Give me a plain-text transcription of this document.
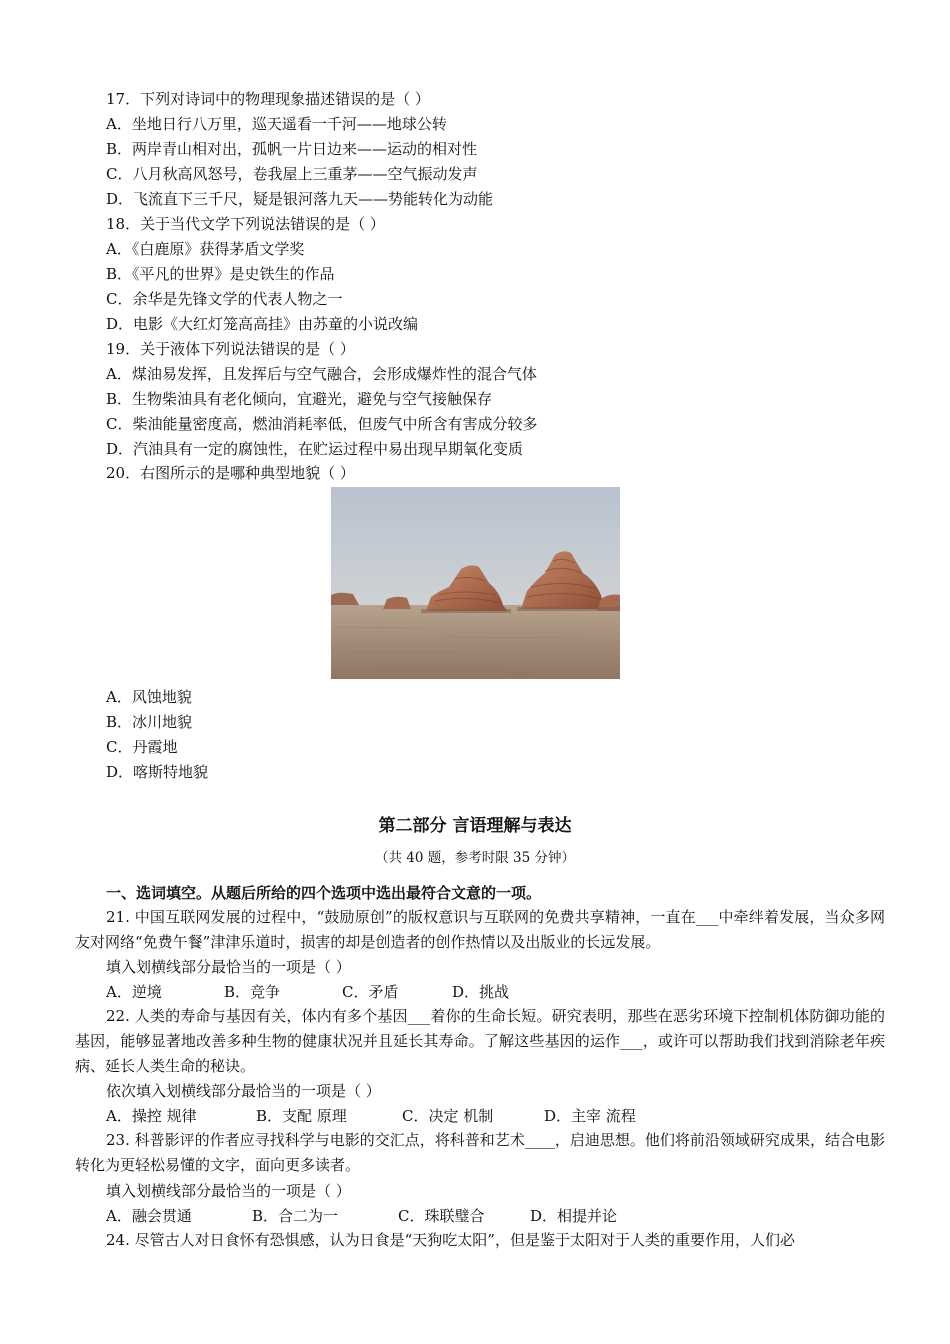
17．下列对诗词中的物理现象描述错误的是（ ）
A．坐地日行八万里，巡天遥看一千河——地球公转
B．两岸青山相对出，孤帆一片日边来——运动的相对性
C．八月秋高风怒号，卷我屋上三重茅——空气振动发声
D．飞流直下三千尺，疑是银河落九天——势能转化为动能
18．关于当代文学下列说法错误的是（ ）
A．《白鹿原》获得茅盾文学奖
B．《平凡的世界》是史铁生的作品
C．余华是先锋文学的代表人物之一
D．电影《大红灯笼高高挂》由苏童的小说改编
19．关于液体下列说法错误的是（ ）
A．煤油易发挥，且发挥后与空气融合，会形成爆炸性的混合气体
B．生物柴油具有老化倾向，宜避光，避免与空气接触保存
C．柴油能量密度高，燃油消耗率低，但废气中所含有害成分较多
D．汽油具有一定的腐蚀性，在贮运过程中易出现早期氧化变质
20．右图所示的是哪种典型地貌（ ）
A．风蚀地貌
B．冰川地貌
C．丹霞地
D．喀斯特地貌
第二部分 言语理解与表达
（共 40 题，参考时限 35 分钟）
一、选词填空。从题后所给的四个选项中选出最符合文意的一项。
21. 中国互联网发展的过程中，“鼓励原创”的版权意识与互联网的免费共享精神，一直在___中牵绊着发展，当众多网友对网络“免费午餐”津津乐道时，损害的却是创造者的创作热情以及出版业的长远发展。
填入划横线部分最恰当的一项是（ ）
A．逆境	B．竞争	C．矛盾	D．挑战
22. 人类的寿命与基因有关，体内有多个基因___着你的生命长短。研究表明，那些在恶劣环境下控制机体防御功能的基因，能够显著地改善多种生物的健康状况并且延长其寿命。了解这些基因的运作___，或许可以帮助我们找到消除老年疾病、延长人类生命的秘诀。
依次填入划横线部分最恰当的一项是（ ）
A．操控 规律	B．支配 原理	C．决定 机制	D．主宰 流程
23. 科普影评的作者应寻找科学与电影的交汇点，将科普和艺术____，启迪思想。他们将前沿领域研究成果，结合电影转化为更轻松易懂的文字，面向更多读者。
填入划横线部分最恰当的一项是（ ）
A．融会贯通	B．合二为一	C．珠联璧合	D．相提并论
24. 尽管古人对日食怀有恐惧感，认为日食是“天狗吃太阳”，但是鉴于太阳对于人类的重要作用，人们必
